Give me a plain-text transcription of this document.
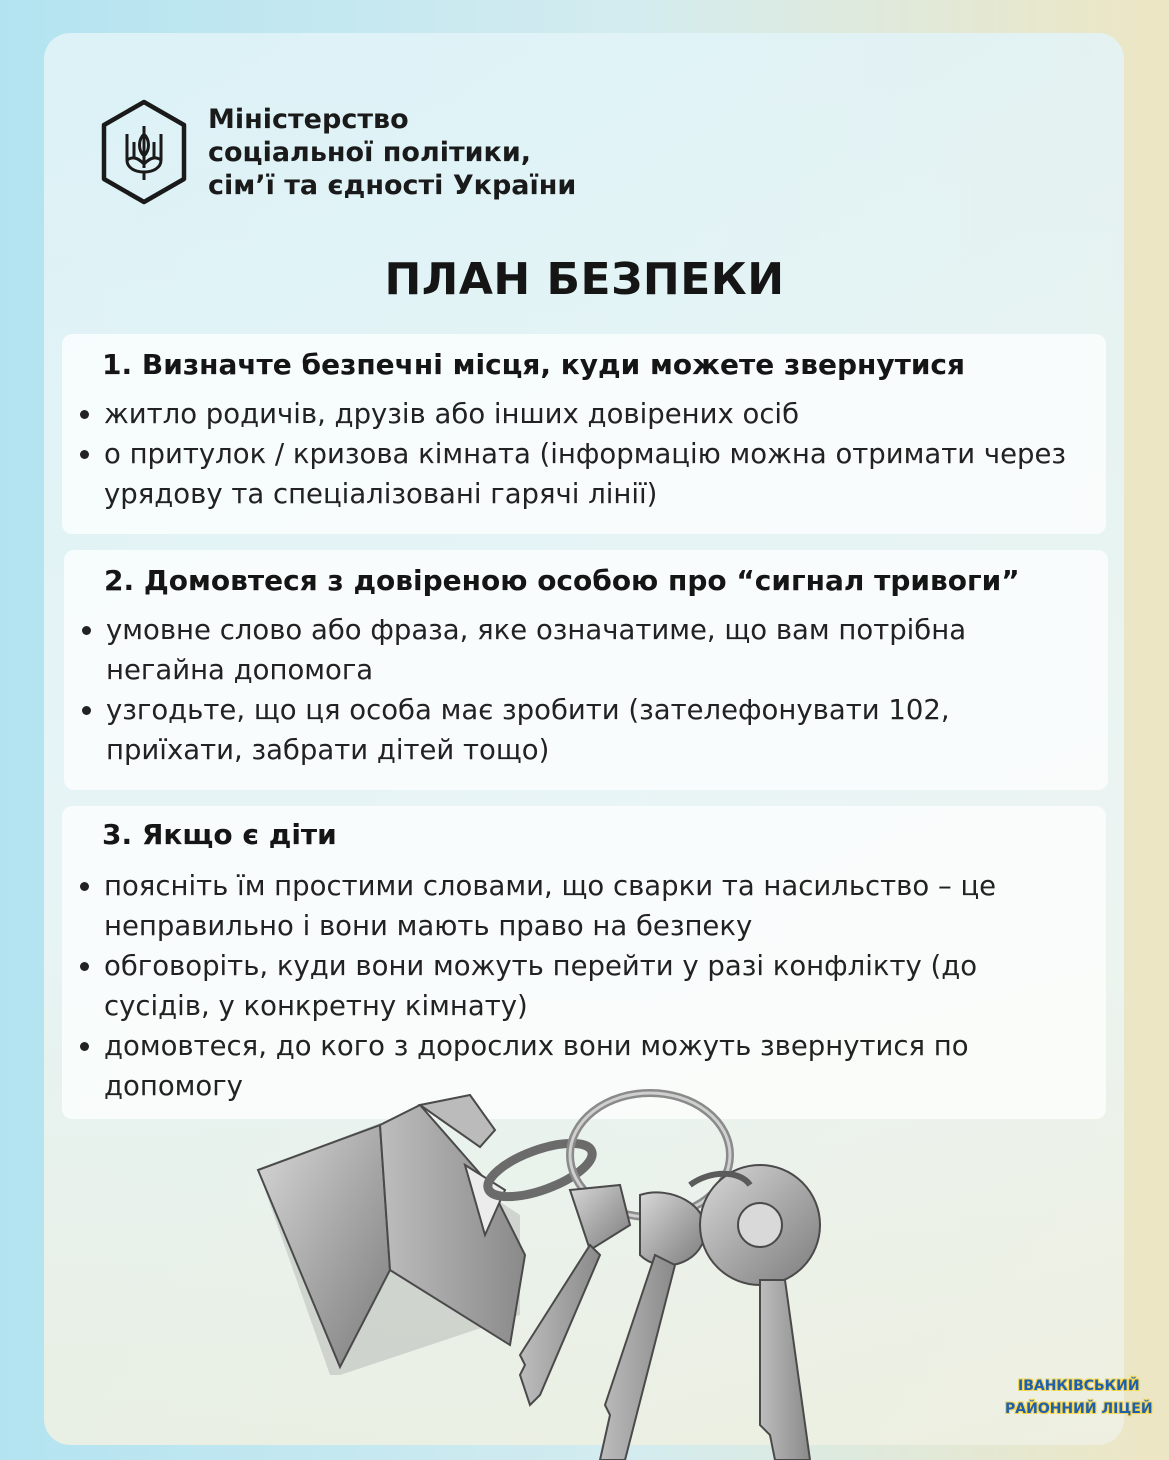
Міністерство
соціальної політики,
сім’ї та єдності України
ПЛАН БЕЗПЕКИ
1. Визначте безпечні місця, куди можете звернутися
житло родичів, друзів або інших довірених осіб
о притулок / кризова кімната (інформацію можна отримати через урядову та спеціалізовані гарячі лінії)
2. Домовтеся з довіреною особою про “сигнал тривоги”
умовне слово або фраза, яке означатиме, що вам потрібна негайна допомога
узгодьте, що ця особа має зробити (зателефонувати 102, приїхати, забрати дітей тощо)
3. Якщо є діти
поясніть їм простими словами, що сварки та насильство – це неправильно і вони мають право на безпеку
обговоріть, куди вони можуть перейти у разі конфлікту (до сусідів, у конкретну кімнату)
домовтеся, до кого з дорослих вони можуть звернутися по допомогу
ІВАНКІВСЬКИЙ
РАЙОННИЙ ЛІЦЕЙ
